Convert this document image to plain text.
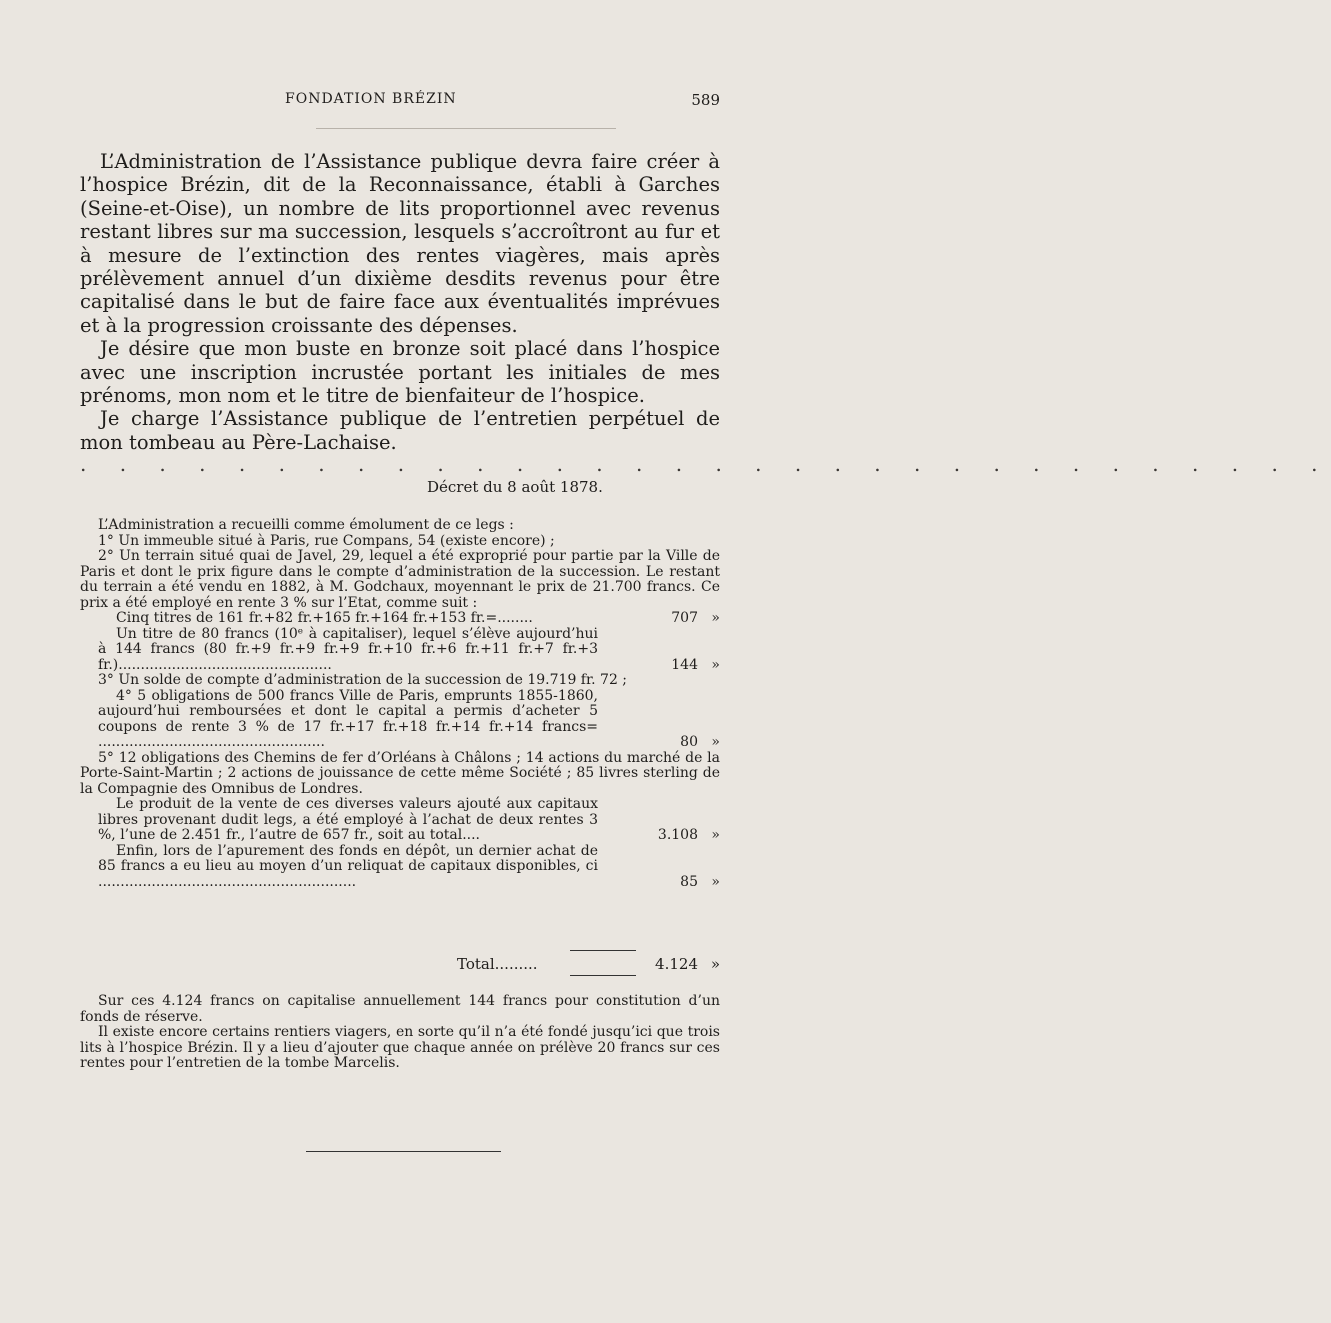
FONDATION BRÉZIN	589

L’Administration de l’Assistance publique devra faire créer à l’hospice Brézin, dit de la Reconnaissance, établi à Garches (Seine-et-Oise), un nombre de lits proportionnel avec revenus restant libres sur ma succession, lesquels s’accroîtront au fur et à mesure de l’extinction des rentes viagères, mais après prélèvement annuel d’un dixième desdits revenus pour être capitalisé dans le but de faire face aux éventualités imprévues et à la progression croissante des dépenses.

Je désire que mon buste en bronze soit placé dans l’hospice avec une inscription incrustée portant les initiales de mes prénoms, mon nom et le titre de bienfaiteur de l’hospice.

Je charge l’Assistance publique de l’entretien perpétuel de mon tombeau au Père-Lachaise.

. . . . . . . . . . . . . . . . . . . . . . . . . . . . . . . .
Décret du 8 août 1878.

L’Administration a recueilli comme émolument de ce legs :

1° Un immeuble situé à Paris, rue Compans, 54 (existe encore) ;

2° Un terrain situé quai de Javel, 29, lequel a été exproprié pour partie par la Ville de Paris et dont le prix figure dans le compte d’administration de la succession. Le restant du terrain a été vendu en 1882, à M. Godchaux, moyennant le prix de 21.700 francs. Ce prix a été employé en rente 3 % sur l’Etat, comme suit :

Cinq titres de 161 fr.+82 fr.+165 fr.+164 fr.+153 fr.=........	707 »

Un titre de 80 francs (10ᵉ à capitaliser), lequel s’élève aujourd’hui à 144 francs (80 fr.+9 fr.+9 fr.+9 fr.+10 fr.+6 fr.+11 fr.+7 fr.+3 fr.)................................................	144 »

3° Un solde de compte d’administration de la succession de 19.719 fr. 72 ;

4° 5 obligations de 500 francs Ville de Paris, emprunts 1855-1860, aujourd’hui remboursées et dont le capital a permis d’acheter 5 coupons de rente 3 % de 17 fr.+17 fr.+18 fr.+14 fr.+14 francs= ...................................................	80 »

5° 12 obligations des Chemins de fer d’Orléans à Châlons ; 14 actions du marché de la Porte-Saint-Martin ; 2 actions de jouissance de cette même Société ; 85 livres sterling de la Compagnie des Omnibus de Londres.

Le produit de la vente de ces diverses valeurs ajouté aux capitaux libres provenant dudit legs, a été employé à l’achat de deux rentes 3 %, l’une de 2.451 fr., l’autre de 657 fr., soit au total....	3.108 »

Enfin, lors de l’apurement des fonds en dépôt, un dernier achat de 85 francs a eu lieu au moyen d’un reliquat de capitaux disponibles, ci ..........................................................	85 »

Total.........	4.124 »

Sur ces 4.124 francs on capitalise annuellement 144 francs pour constitution d’un fonds de réserve.

Il existe encore certains rentiers viagers, en sorte qu’il n’a été fondé jusqu’ici que trois lits à l’hospice Brézin. Il y a lieu d’ajouter que chaque année on prélève 20 francs sur ces rentes pour l’entretien de la tombe Marcelis.
